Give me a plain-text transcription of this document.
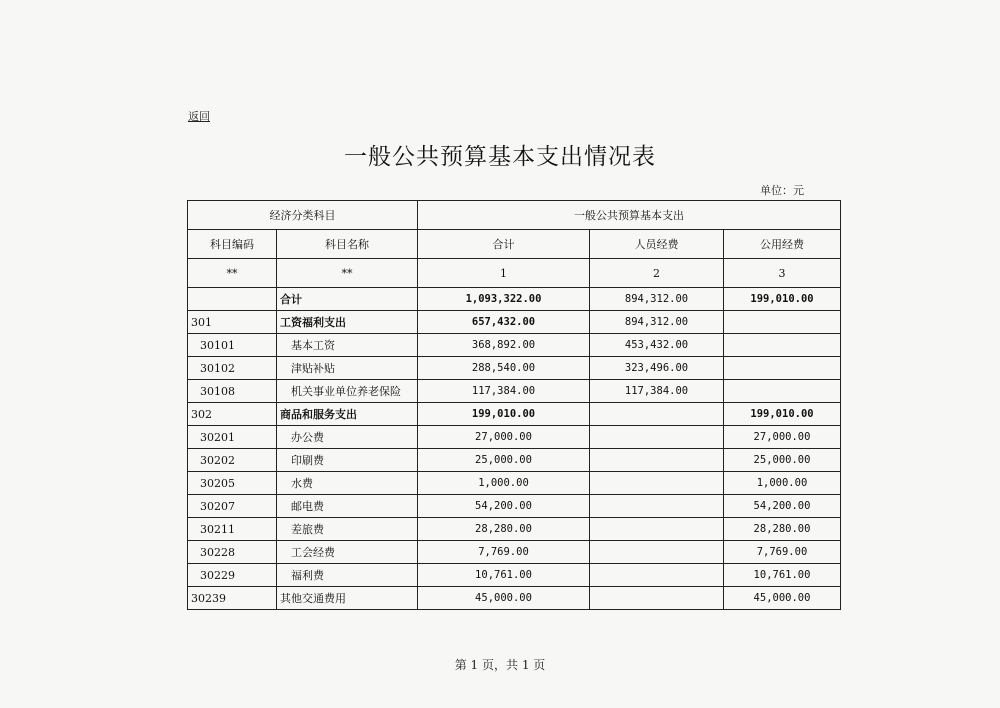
返回
一般公共预算基本支出情况表
单位：元
经济分类科目		一般公共预算基本支出		
科目编码	科目名称	合计	人员经费	公用经费
**	**	1	2	3
	合计	1,093,322.00	894,312.00	199,010.00
301	工资福利支出	657,432.00	894,312.00	
30101	基本工资	368,892.00	453,432.00	
30102	津贴补贴	288,540.00	323,496.00	
30108	机关事业单位养老保险	117,384.00	117,384.00	
302	商品和服务支出	199,010.00		199,010.00
30201	办公费	27,000.00		27,000.00
30202	印刷费	25,000.00		25,000.00
30205	水费	1,000.00		1,000.00
30207	邮电费	54,200.00		54,200.00
30211	差旅费	28,280.00		28,280.00
30228	工会经费	7,769.00		7,769.00
30229	福利费	10,761.00		10,761.00
30239	其他交通费用	45,000.00		45,000.00
第 1 页，共 1 页
